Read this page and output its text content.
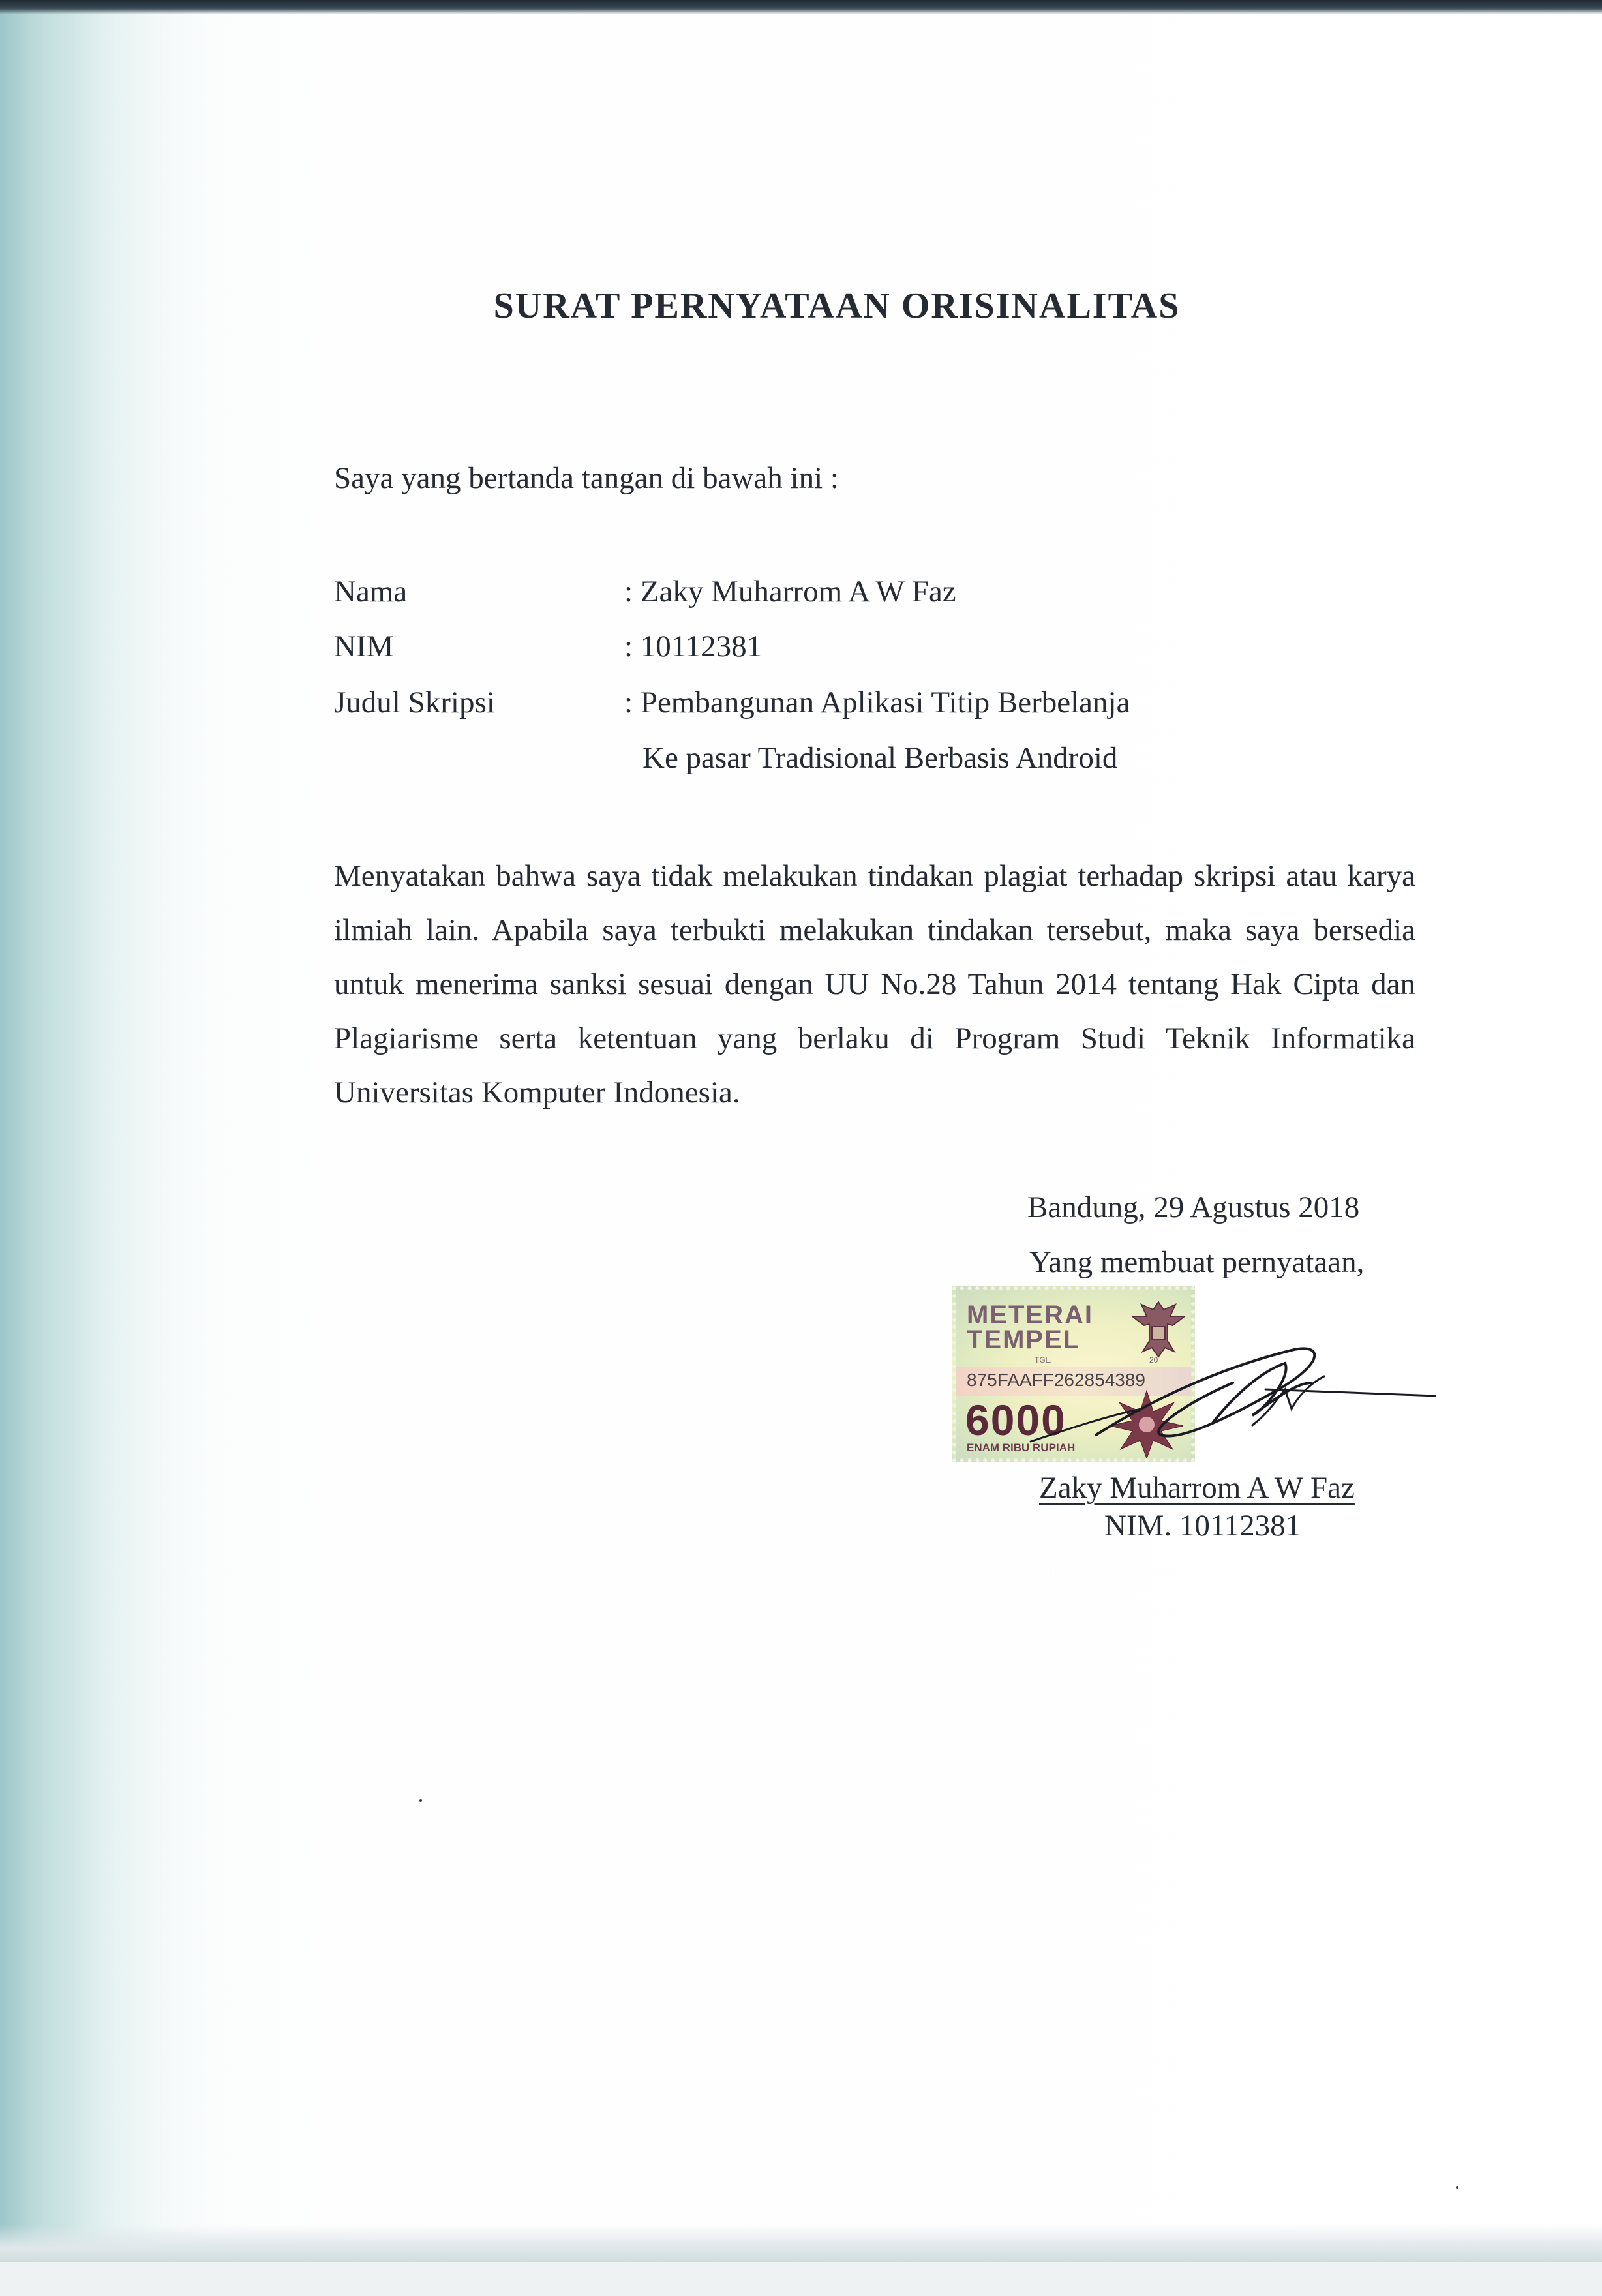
SURAT PERNYATAAN ORISINALITAS
Saya yang bertanda tangan di bawah ini :
Nama	: Zaky Muharrom A W Faz
NIM	: 10112381
Judul Skripsi	: Pembangunan Aplikasi Titip Berbelanja
Ke pasar Tradisional Berbasis Android
Menyatakan bahwa saya tidak melakukan tindakan plagiat terhadap skripsi atau karya ilmiah lain. Apabila saya terbukti melakukan tindakan tersebut, maka saya bersedia untuk menerima sanksi sesuai dengan UU No.28 Tahun 2014 tentang Hak Cipta dan Plagiarisme serta ketentuan yang berlaku di Program Studi Teknik Informatika Universitas Komputer Indonesia.
Bandung, 29 Agustus 2018
Yang membuat pernyataan,
METERAI
TEMPEL
TGL.	20
875FAAFF262854389
6000
ENAM RIBU RUPIAH
Zaky Muharrom A W Faz
NIM. 10112381
